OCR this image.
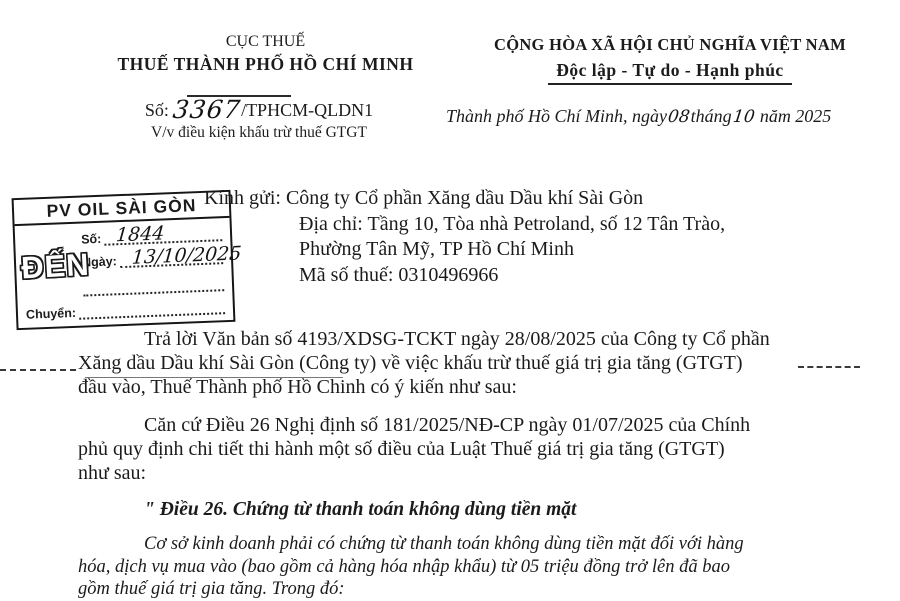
CỤC THUẾ
THUẾ THÀNH PHỐ HỒ CHÍ MINH
CỘNG HÒA XÃ HỘI CHỦ NGHĨA VIỆT NAM
Độc lập - Tự do - Hạnh phúc
Số: 3367/TPHCM-QLDN1
V/v điều kiện khấu trừ thuế GTGT
Thành phố Hồ Chí Minh, ngày08tháng10 năm 2025
PV OIL SÀI GÒN
ĐẾN
Số: 1844
Ngày: 13/10/2025
Chuyển:
Kính gửi: Công ty Cổ phần Xăng dầu Dầu khí Sài Gòn
Địa chỉ: Tầng 10, Tòa nhà Petroland, số 12 Tân Trào,
Phường Tân Mỹ, TP Hồ Chí Minh
Mã số thuế: 0310496966
Trả lời Văn bản số 4193/XDSG-TCKT ngày 28/08/2025 của Công ty Cổ phần
Xăng dầu Dầu khí Sài Gòn (Công ty) về việc khấu trừ thuế giá trị gia tăng (GTGT)
đầu vào, Thuế Thành phố Hồ Chinh có ý kiến như sau:
Căn cứ Điều 26 Nghị định số 181/2025/NĐ-CP ngày 01/07/2025 của Chính
phủ quy định chi tiết thi hành một số điều của Luật Thuế giá trị gia tăng (GTGT)
như sau:
" Điều 26. Chứng từ thanh toán không dùng tiền mặt
Cơ sở kinh doanh phải có chứng từ thanh toán không dùng tiền mặt đối với hàng
hóa, dịch vụ mua vào (bao gồm cả hàng hóa nhập khẩu) từ 05 triệu đồng trở lên đã bao
gồm thuế giá trị gia tăng. Trong đó:
